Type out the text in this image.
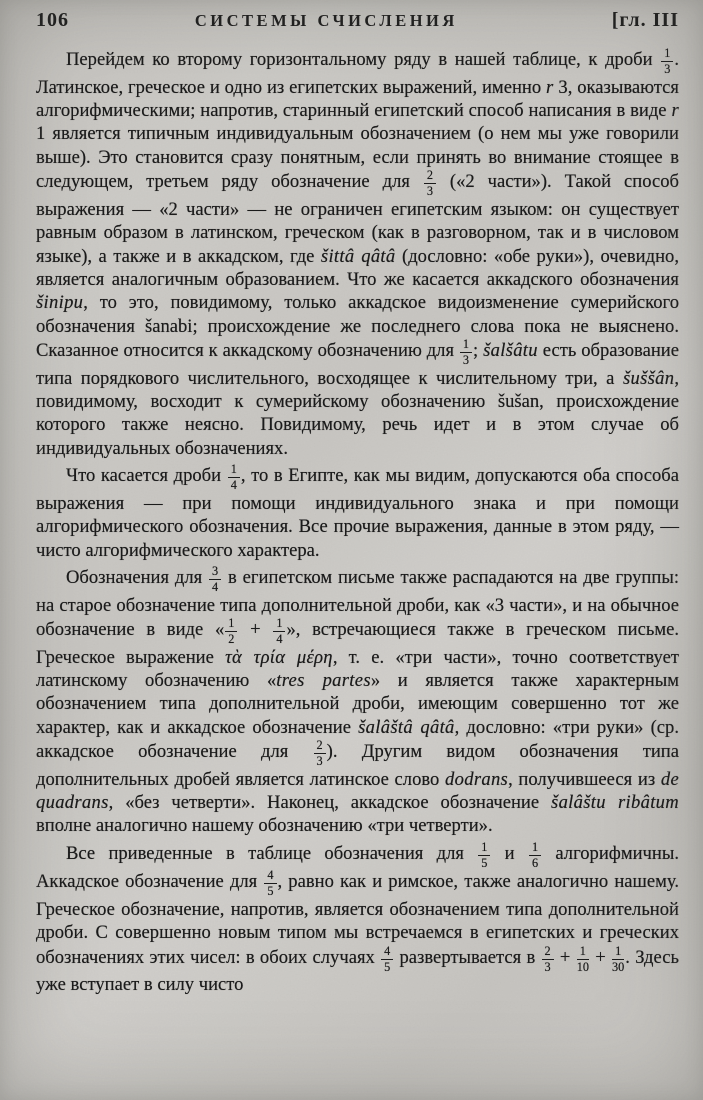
106	СИСТЕМЫ СЧИСЛЕНИЯ	[гл. III

Перейдем ко второму горизонтальному ряду в нашей таблице, к дроби $\frac{1}{3}$ . Латинское, греческое и одно из египетских выражений, именно r 3, оказываются алгорифмическими; напротив, старинный египетский способ написания в виде r 1 является типичным индивидуальным обозначением (о нем мы уже говорили выше). Это становится сразу понятным, если принять во внимание стоящее в следующем, третьем ряду обозначение для $\frac{2}{3}$ («2 части»). Такой способ выражения — «2 части» — не ограничен египетским языком: он существует равным образом в латинском, греческом (как в разговорном, так и в числовом языке), а также и в аккадском, где šittâ qâtâ (дословно: «обе руки»), очевидно, является аналогичным образованием. Что же касается аккадского обозначения šinipu, то это, повидимому, только аккадское видоизменение сумерийского обозначения šanabi; происхождение же последнего слова пока не выяснено. Сказанное относится к аккадскому обозначению для $\frac{1}{3}$ ; šalšâtu есть образование типа порядкового числительного, восходящее к числительному три, а šuššân, повидимому, восходит к сумерийскому обозначению šušan, происхождение которого также неясно. Повидимому, речь идет и в этом случае об индивидуальных обозначениях.

Что касается дроби $\frac{1}{4}$ , то в Египте, как мы видим, допускаются оба способа выражения — при помощи индивидуального знака и при помощи алгорифмического обозначения. Все прочие выражения, данные в этом ряду, — чисто алгорифмического характера.

Обозначения для $\frac{3}{4}$ в египетском письме также распадаются на две группы: на старое обозначение типа дополнительной дроби, как «3 части», и на обычное обозначение в виде « $\frac{1}{2} + \frac{1}{4}$ », встречающиеся также в греческом письме. Греческое выражение τὰ τρία μέρη, т. е. «три части», точно соответствует латинскому обозначению «tres partes» и является также характерным обозначением типа дополнительной дроби, имеющим совершенно тот же характер, как и аккадское обозначение šalâštâ qâtâ, дословно: «три руки» (ср. аккадское обозначение для $\frac{2}{3}$ ). Другим видом обозначения типа дополнительных дробей является латинское слово dodrans, получившееся из de quadrans, «без четверти». Наконец, аккадское обозначение šalâštu ribâtum вполне аналогично нашему обозначению «три четверти».

Все приведенные в таблице обозначения для $\frac{1}{5}$ и $\frac{1}{6}$ алгорифмичны. Аккадское обозначение для $\frac{4}{5}$ , равно как и римское, также аналогично нашему. Греческое обозначение, напротив, является обозначением типа дополнительной дроби. С совершенно новым типом мы встречаемся в египетских и греческих обозначениях этих чисел: в обоих случаях $\frac{4}{5}$ развертывается в $\frac{2}{3} + \frac{1}{10} + \frac{1}{30}$ . Здесь уже вступает в силу чисто
